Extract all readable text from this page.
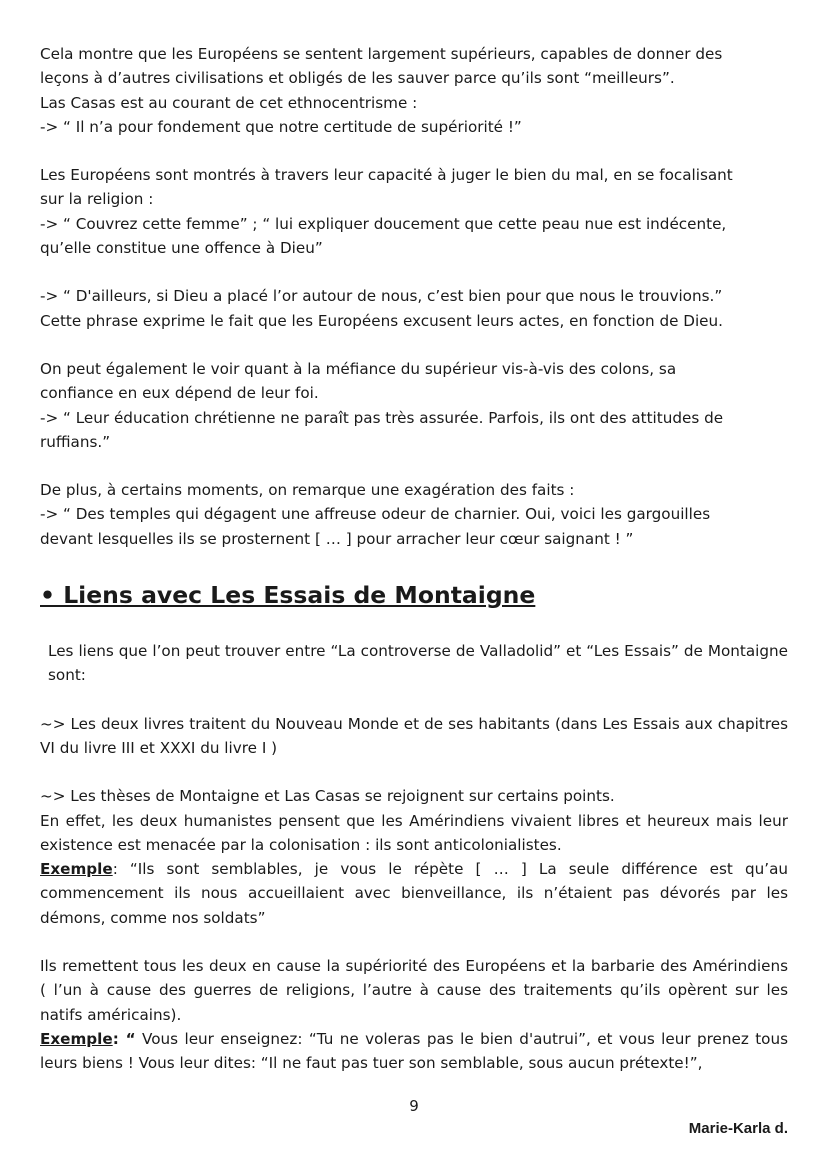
Cela montre que les Européens se sentent largement supérieurs, capables de donner des

leçons à d’autres civilisations et obligés de les sauver parce qu’ils sont “meilleurs”.

Las Casas est au courant de cet ethnocentrisme :

-> “ Il n’a pour fondement que notre certitude de supériorité !”

Les Européens sont montrés à travers leur capacité à juger le bien du mal, en se focalisant

sur la religion :

-> “ Couvrez cette femme” ; “ lui expliquer doucement que cette peau nue est indécente,

qu’elle constitue une offence à Dieu”

-> “ D'ailleurs, si Dieu a placé l’or autour de nous, c’est bien pour que nous le trouvions.”

Cette phrase exprime le fait que les Européens excusent leurs actes, en fonction de Dieu.

On peut également le voir quant à la méfiance du supérieur vis-à-vis des colons, sa

confiance en eux dépend de leur foi.

-> “ Leur éducation chrétienne ne paraît pas très assurée. Parfois, ils ont des attitudes de

ruffians.”

De plus, à certains moments, on remarque une exagération des faits :

-> “ Des temples qui dégagent une affreuse odeur de charnier. Oui, voici les gargouilles

devant lesquelles ils se prosternent [ … ] pour arracher leur cœur saignant ! ”

• Liens avec Les Essais de Montaigne

Les liens que l’on peut trouver entre “La controverse de Valladolid” et “Les Essais” de Montaigne sont:

~> Les deux livres traitent du Nouveau Monde et de ses habitants (dans Les Essais aux chapitres VI du livre III et XXXI du livre I )

~> Les thèses de Montaigne et Las Casas se rejoignent sur certains points.

En effet, les deux humanistes pensent que les Amérindiens vivaient libres et heureux mais leur existence est menacée par la colonisation : ils sont anticolonialistes.

Exemple: “Ils sont semblables, je vous le répète [ … ] La seule différence est qu’au commencement ils nous accueillaient avec bienveillance, ils n’étaient pas dévorés par les démons, comme nos soldats”

Ils remettent tous les deux en cause la supériorité des Européens et la barbarie des Amérindiens ( l’un à cause des guerres de religions, l’autre à cause des traitements qu’ils opèrent sur les natifs américains).

Exemple: “ Vous leur enseignez: “Tu ne voleras pas le bien d'autrui”, et vous leur prenez tous leurs biens ! Vous leur dites: “Il ne faut pas tuer son semblable, sous aucun prétexte!”,

9
Marie-Karla d.
